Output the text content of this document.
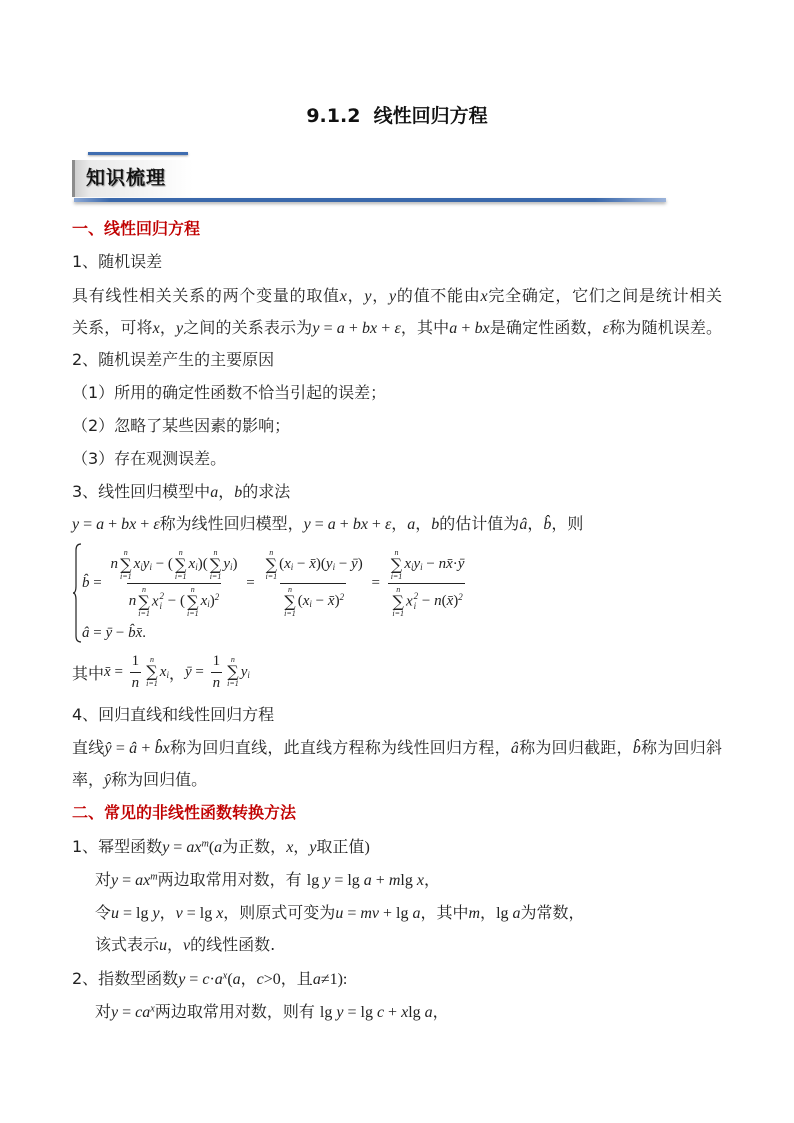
9.1.2  线性回归方程
知识梳理
一、线性回归方程
1、随机误差
具有线性相关关系的两个变量的取值x，y，y的值不能由x完全确定，它们之间是统计相关
关系，可将x，y之间的关系表示为y = a + bx + ε，其中a + bx是确定性函数，ε称为随机误差。
2、随机误差产生的主要原因
（1）所用的确定性函数不恰当引起的误差；
（2）忽略了某些因素的影响；
（3）存在观测误差。
3、线性回归模型中a，b的求法
y = a + bx + ε称为线性回归模型，y = a + bx + ε，a，b的估计值为â，b̂，则
b̂ = n
n
∑
i=1
$x_i$ $y_i$ − (
n
∑
i=1
$x_i$ ) (
n
∑
i=1
$y_i$ )
n
n
∑
i=1
x 2
i − (
n
∑
i=1
$x_i$ )$^2$ = n
∑
i=1
( $x_i$ − x̄ ) ( $y_i$ − ȳ )
n
∑
i=1
( $x_i$ − x̄ )$^2$ = n
∑
i=1
$x_i$ $y_i - n$ x̄ · ȳ
n
∑
i=1
x 2
i − n ( x̄ )$^2$
â = ȳ − b̂x̄ .
其中 x̄ = $\frac{1}{n}$ n
∑
i=1
$x_i$ ， ȳ = $\frac{1}{n}$ n
∑
i=1
$y_i$
4、回归直线和线性回归方程
直线ŷ = â + b̂x称为回归直线，此直线方程称为线性回归方程，â称为回归截距，b̂称为回归斜
率，ŷ称为回归值。
二、常见的非线性函数转换方法
1、幂型函数$y = ax^m(a$为正数，x，y取正值)
对$y = ax^m$两边取常用对数，有 lg y = lg a + mlg x，
令u = lg y，v = lg x，则原式可变为u = mv + lg a，其中m，lg a为常数，
该式表示u，v的线性函数.
2、指数型函数$y = c\cdot a^x(a$，c>0，且a≠1):
对$y = ca^x$两边取常用对数，则有 lg y = lg c + xlg a，
